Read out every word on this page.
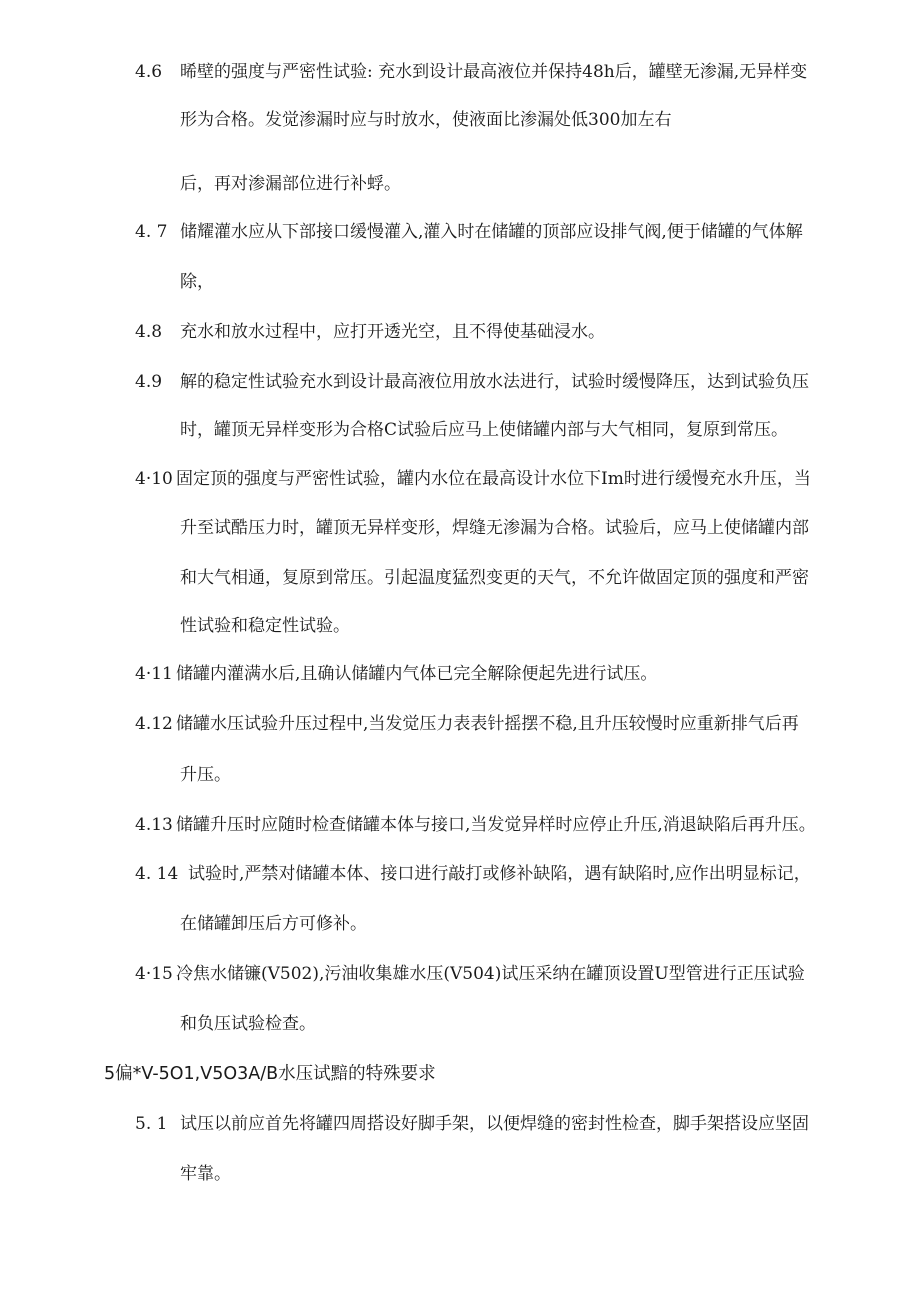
4.6 晞壁的强度与严密性试验: 充水到设计最高液位并保持48h后，罐壁无渗漏,无异样变
形为合格。发觉渗漏时应与时放水，使液面比渗漏处低300加左右
后，再对渗漏部位进行补蜉。
4. 7 储耀灌水应从下部接口缓慢灌入,灌入时在储罐的顶部应设排气阀,便于储罐的气体解
除，
4.8 充水和放水过程中，应打开透光空，且不得使基础浸水。
4.9 解的稳定性试验充水到设计最高液位用放水法进行，试验时缓慢降压，达到试验负压
时，罐顶无异样变形为合格C试验后应马上使储罐内部与大气相同，复原到常压。
4·10 固定顶的强度与严密性试验，罐内水位在最高设计水位下Im时进行缓慢充水升压，当
升至试酷压力时，罐顶无异样变形，焊缝无渗漏为合格。试验后，应马上使储罐内部
和大气相通，复原到常压。引起温度猛烈变更的天气，不允许做固定顶的强度和严密
性试验和稳定性试验。
4·11 储罐内灌满水后,且确认储罐内气体已完全解除便起先进行试压。
4.12 储罐水压试验升压过程中,当发觉压力表表针摇摆不稳,且升压较慢时应重新排气后再
升压。
4.13 储罐升压时应随时检查储罐本体与接口,当发觉异样时应停止升压,消退缺陷后再升压。
4. 14 试验时,严禁对储罐本体、接口进行敲打或修补缺陷，遇有缺陷时,应作出明显标记，
在储罐卸压后方可修补。
4·15 冷焦水储镰(V502),污油收集雄水压(V504)试压采纳在罐顶设置U型管进行正压试验
和负压试验检查。
5偏*V-5O1,V5O3A/B水压试黯的特殊要求
5. 1 试压以前应首先将罐四周搭设好脚手架，以便焊缝的密封性检查，脚手架搭设应坚固
牢靠。
